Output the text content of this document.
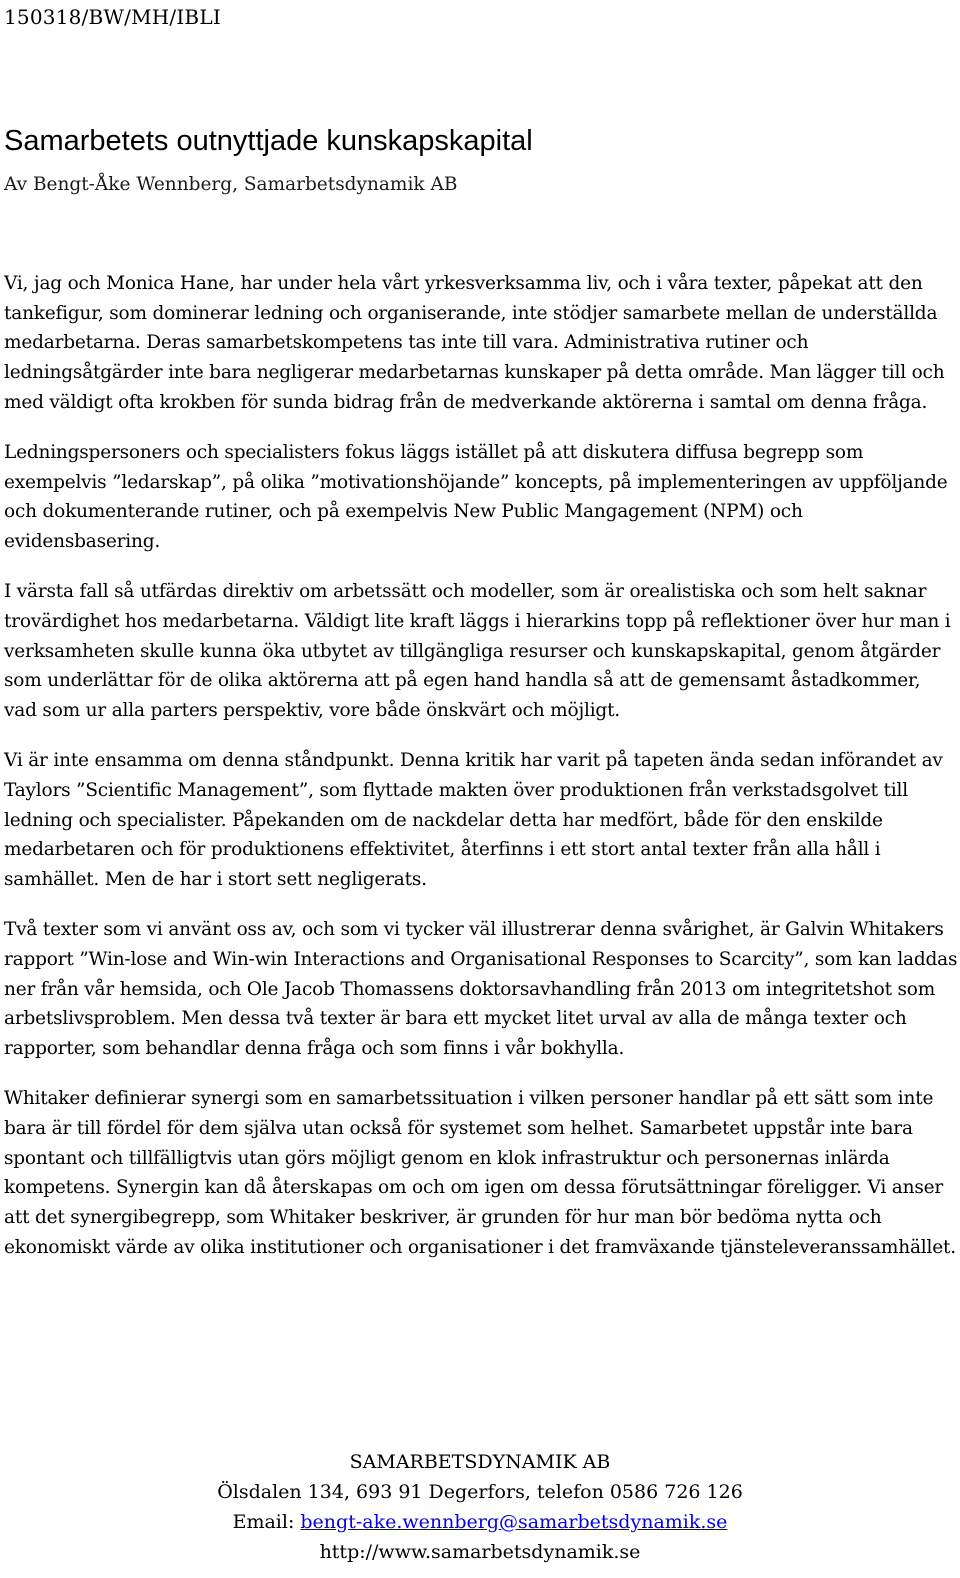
150318/BW/MH/IBLI
Samarbetets outnyttjade kunskapskapital
Av Bengt-Åke Wennberg, Samarbetsdynamik AB

Vi, jag och Monica Hane, har under hela vårt yrkesverksamma liv, och i våra texter, påpekat att den tankefigur, som dominerar ledning och organiserande, inte stödjer samarbete mellan de underställda medarbetarna. Deras samarbetskompetens tas inte till vara. Administrativa rutiner och ledningsåtgärder inte bara negligerar medarbetarnas kunskaper på detta område. Man lägger till och med väldigt ofta krokben för sunda bidrag från de medverkande aktörerna i samtal om denna fråga.

Ledningspersoners och specialisters fokus läggs istället på att diskutera diffusa begrepp som exempelvis ”ledarskap”, på olika ”motivationshöjande” koncepts, på implementeringen av uppföljande och dokumenterande rutiner, och på exempelvis New Public Mangagement (NPM) och evidensbasering.

I värsta fall så utfärdas direktiv om arbetssätt och modeller, som är orealistiska och som helt saknar trovärdighet hos medarbetarna. Väldigt lite kraft läggs i hierarkins topp på reflektioner över hur man i verksamheten skulle kunna öka utbytet av tillgängliga resurser och kunskapskapital, genom åtgärder som underlättar för de olika aktörerna att på egen hand handla så att de gemensamt åstadkommer, vad som ur alla parters perspektiv, vore både önskvärt och möjligt.

Vi är inte ensamma om denna ståndpunkt. Denna kritik har varit på tapeten ända sedan införandet av Taylors ”Scientific Management”, som flyttade makten över produktionen från verkstadsgolvet till ledning och specialister. Påpekanden om de nackdelar detta har medfört, både för den enskilde medarbetaren och för produktionens effektivitet, återfinns i ett stort antal texter från alla håll i samhället. Men de har i stort sett negligerats.

Två texter som vi använt oss av, och som vi tycker väl illustrerar denna svårighet, är Galvin Whitakers rapport ”Win-lose and Win-win Interactions and Organisational Responses to Scarcity”, som kan laddas ner från vår hemsida, och Ole Jacob Thomassens doktorsavhandling från 2013 om integritetshot som arbetslivsproblem. Men dessa två texter är bara ett mycket litet urval av alla de många texter och rapporter, som behandlar denna fråga och som finns i vår bokhylla.

Whitaker definierar synergi som en samarbetssituation i vilken personer handlar på ett sätt som inte bara är till fördel för dem själva utan också för systemet som helhet. Samarbetet uppstår inte bara spontant och tillfälligtvis utan görs möjligt genom en klok infrastruktur och personernas inlärda kompetens. Synergin kan då återskapas om och om igen om dessa förutsättningar föreligger. Vi anser att det synergibegrepp, som Whitaker beskriver, är grunden för hur man bör bedöma nytta och ekonomiskt värde av olika institutioner och organisationer i det framväxande tjänsteleveranssamhället.

SAMARBETSDYNAMIK AB
Ölsdalen 134, 693 91 Degerfors, telefon 0586 726 126
Email: bengt-ake.wennberg@samarbetsdynamik.se
http://www.samarbetsdynamik.se
